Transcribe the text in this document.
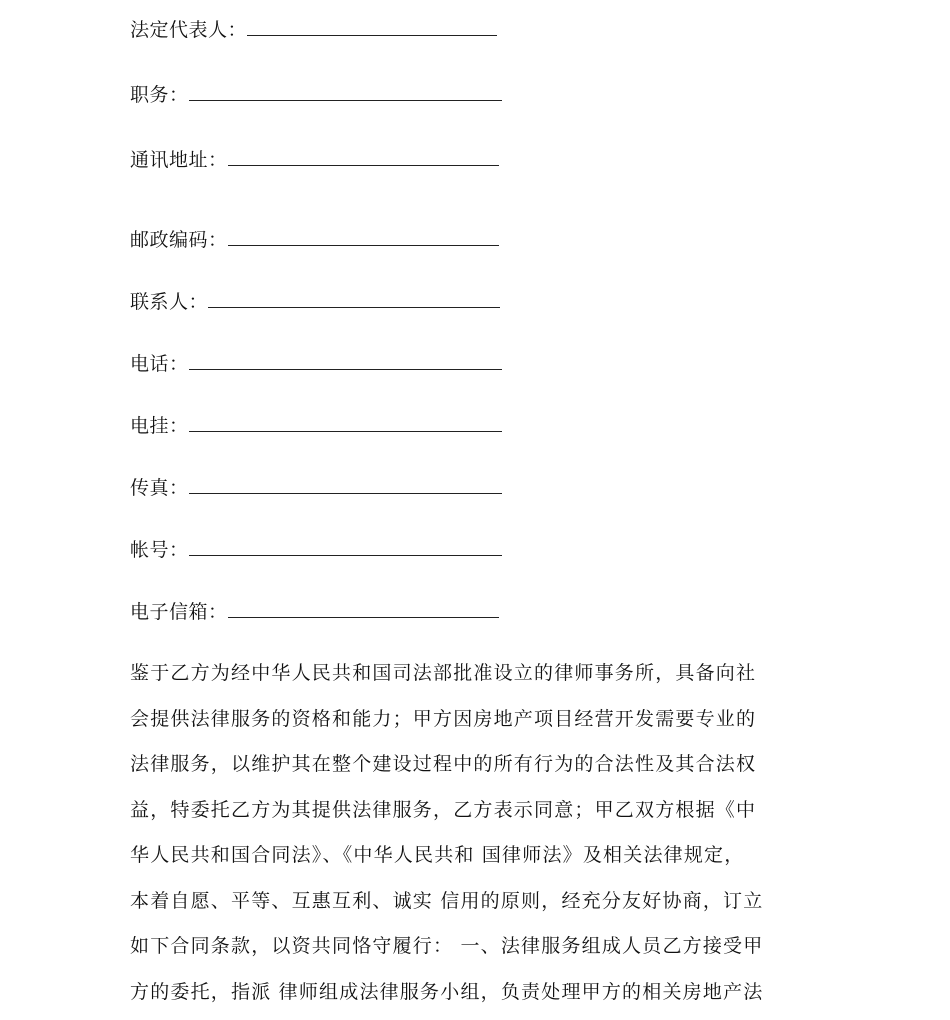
法定代表人：
职务：
通讯地址：
邮政编码：
联系人：
电话：
电挂：
传真：
帐号：
电子信箱：
鉴于乙方为经中华人民共和国司法部批准设立的律师事务所，具备向社
会提供法律服务的资格和能力；甲方因房地产项目经营开发需要专业的
法律服务，以维护其在整个建设过程中的所有行为的合法性及其合法权
益，特委托乙方为其提供法律服务，乙方表示同意；甲乙双方根据《中
华人民共和国合同法》、《中华人民共和 国律师法》及相关法律规定，
本着自愿、平等、互惠互利、诚实 信用的原则，经充分友好协商，订立
如下合同条款，以资共同恪守履行： 一、法律服务组成人员乙方接受甲
方的委托，指派 律师组成法律服务小组，负责处理甲方的相关房地产法
